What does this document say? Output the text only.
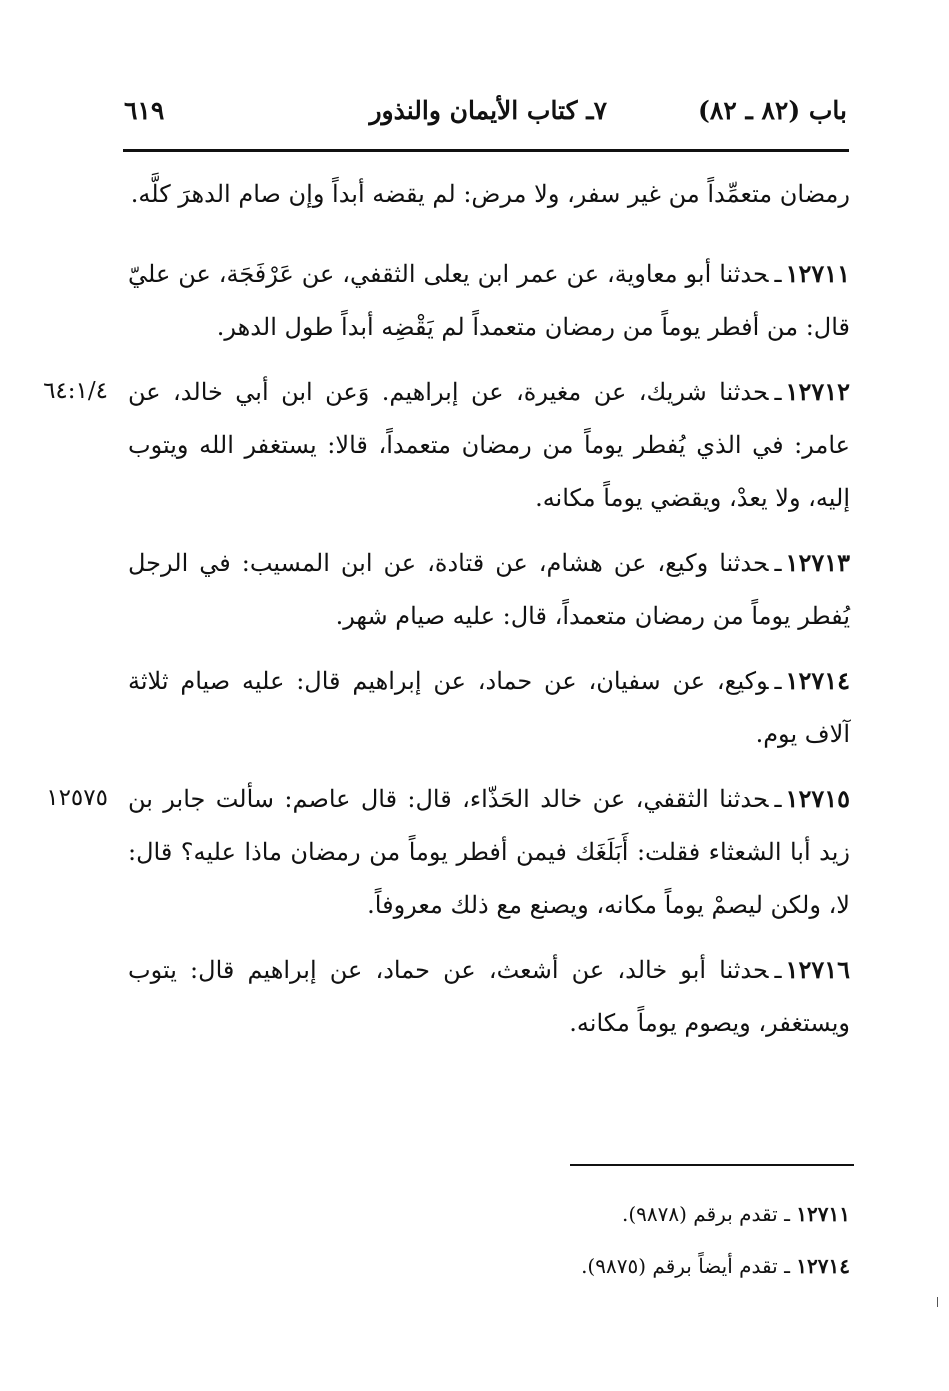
باب (٨٢ ـ ٨٢)
٧ـ كتاب الأيمان والنذور
٦١٩

رمضان متعمِّداً من غير سفر، ولا مرض: لم يقضه أبداً وإن صام الدهرَ كلَّه.

١٢٧١١ـحدثنا أبو معاوية، عن عمر ابن يعلى الثقفي، عن عَرْفَجَة، عن عليّ قال: من أفطر يوماً من رمضان متعمداً لم يَقْضِه أبداً طول الدهر.

٦٤:١/٤	١٢٧١٢ـحدثنا شريك، عن مغيرة، عن إبراهيم. وَعن ابن أبي خالد، عن عامر: في الذي يُفطر يوماً من رمضان متعمداً، قالا: يستغفر الله ويتوب إليه، ولا يعدْ، ويقضي يوماً مكانه.

١٢٧١٣ـحدثنا وكيع، عن هشام، عن قتادة، عن ابن المسيب: في الرجل يُفطر يوماً من رمضان متعمداً، قال: عليه صيام شهر.

١٢٧١٤ـوكيع، عن سفيان، عن حماد، عن إبراهيم قال: عليه صيام ثلاثة آلاف يوم.

١٢٥٧٥	١٢٧١٥ـحدثنا الثقفي، عن خالد الحَذّاء، قال: قال عاصم: سألت جابر بن زيد أبا الشعثاء فقلت: أَبَلَغَك فيمن أفطر يوماً من رمضان ماذا عليه؟ قال: لا، ولكن ليصمْ يوماً مكانه، ويصنع مع ذلك معروفاً.

١٢٧١٦ـحدثنا أبو خالد، عن أشعث، عن حماد، عن إبراهيم قال: يتوب ويستغفر، ويصوم يوماً مكانه.

١٢٧١١ ـ تقدم برقم (٩٨٧٨).
١٢٧١٤ ـ تقدم أيضاً برقم (٩٨٧٥).
